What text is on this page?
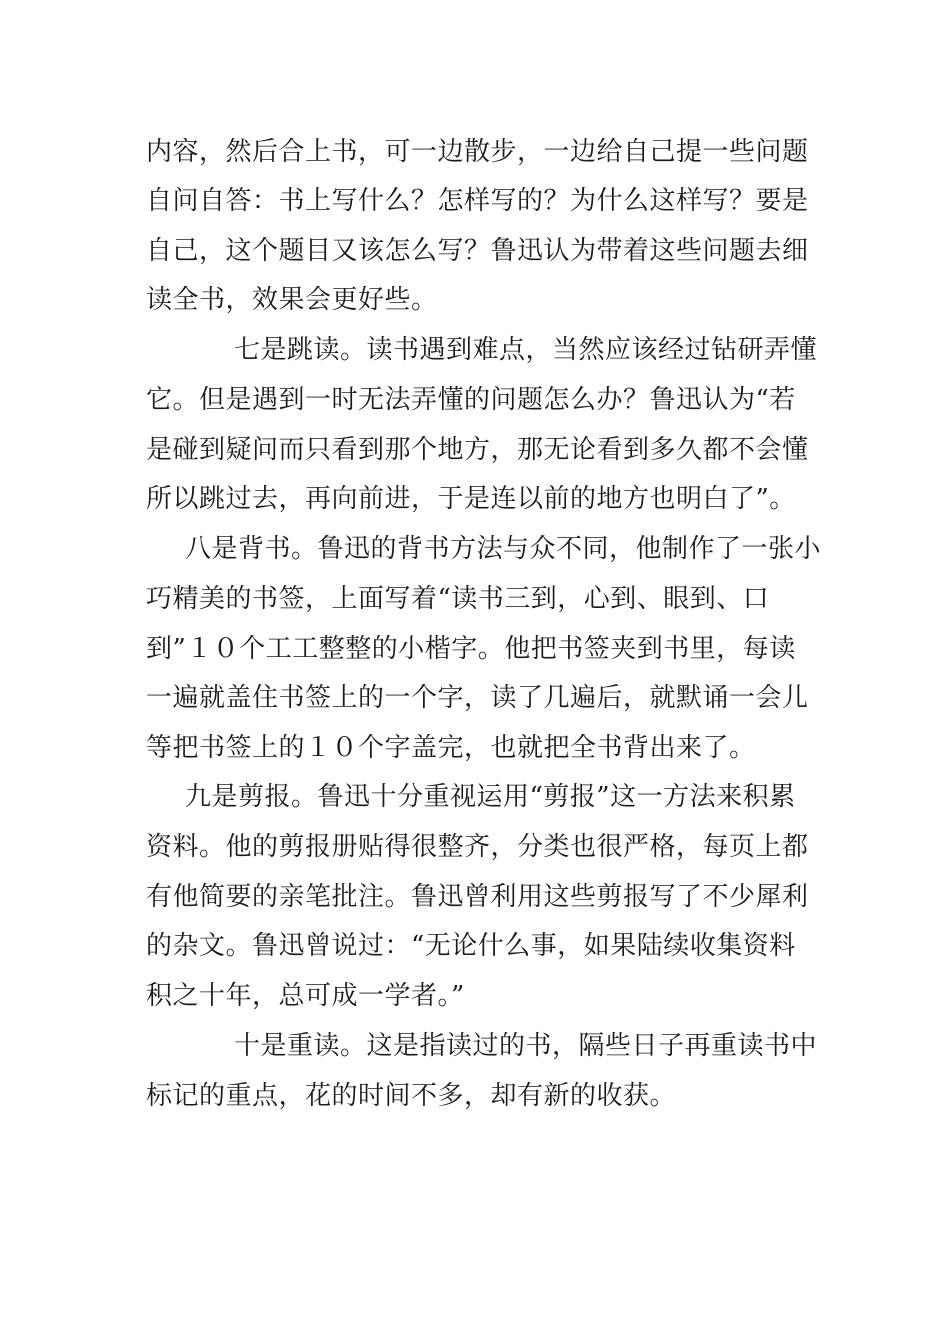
内容，然后合上书，可一边散步，一边给自己提一些问题
自问自答：书上写什么？怎样写的？为什么这样写？要是
自己，这个题目又该怎么写？鲁迅认为带着这些问题去细
读全书，效果会更好些。
七是跳读。读书遇到难点，当然应该经过钻研弄懂
它。但是遇到一时无法弄懂的问题怎么办？鲁迅认为“若
是碰到疑问而只看到那个地方，那无论看到多久都不会懂
所以跳过去，再向前进，于是连以前的地方也明白了”。
八是背书。鲁迅的背书方法与众不同，他制作了一张小
巧精美的书签，上面写着“读书三到，心到、眼到、口
到”１０个工工整整的小楷字。他把书签夹到书里，每读
一遍就盖住书签上的一个字，读了几遍后，就默诵一会儿
等把书签上的１０个字盖完，也就把全书背出来了。
九是剪报。鲁迅十分重视运用“剪报”这一方法来积累
资料。他的剪报册贴得很整齐，分类也很严格，每页上都
有他简要的亲笔批注。鲁迅曾利用这些剪报写了不少犀利
的杂文。鲁迅曾说过：“无论什么事，如果陆续收集资料
积之十年，总可成一学者。”
十是重读。这是指读过的书，隔些日子再重读书中
标记的重点，花的时间不多，却有新的收获。
